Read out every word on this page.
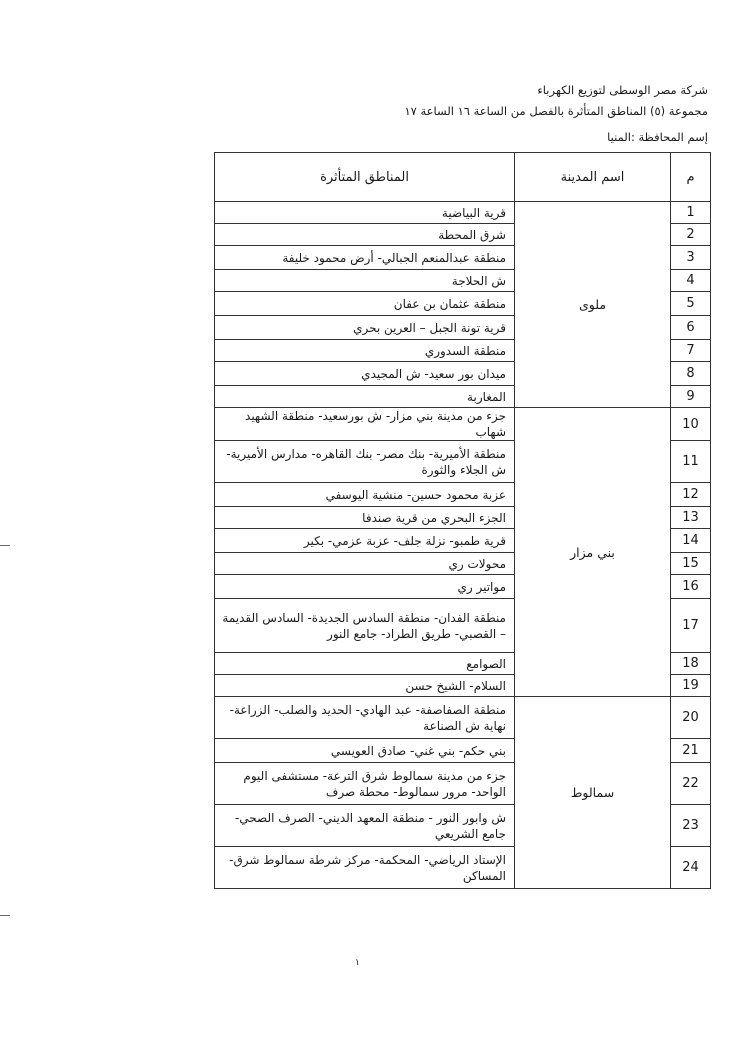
شركة مصر الوسطى لتوزيع الكهرباء
مجموعة (٥) المناطق المتأثرة بالفصل من الساعة ١٦ الساعة ١٧
إسم المحافظة :المنيا
م	اسم المدينة	المناطق المتأثرة
1	ملوى	قرية البياضية
2		شرق المحطة
3		منطقة عبدالمنعم الجبالي- أرض محمود خليفة
4		ش الحلاجة
5		منطقة عثمان بن عفان
6		قرية تونة الجبل – العرين بحري
7		منطقة السدوري
8		ميدان بور سعيد- ش المجيدي
9		المغاربة
10	بني مزار	جزء من مدينة بني مزار- ش بورسعيد- منطقة الشهيد شهاب
11		منطقة الأميرية- بنك مصر- بنك القاهره- مدارس الأميرية- ش الجلاء والثورة
12		عزبة محمود حسين- منشية اليوسفي
13		الجزء البحري من قرية صندفا
14		قرية طمبو- نزلة جلف- عزبة عزمي- بكير
15		محولات ري
16		مواتير ري
17		منطقة الفدان- منطقة السادس الجديدة- السادس القديمة – القصبي- طريق الطراد- جامع النور
18		الصوامع
19		السلام- الشيخ حسن
20	سمالوط	منطقة الصفاصفة- عبد الهادي- الحديد والصلب- الزراعة- نهاية ش الصناعة
21		بني حكم- بني غني- صادق العويسي
22		جزء من مدينة سمالوط شرق الترعة- مستشفى اليوم الواحد- مرور سمالوط- محطة صرف
23		ش وابور النور - منطقة المعهد الديني- الصرف الصحي- جامع الشريعي
24		الإستاد الرياضي- المحكمة- مركز شرطة سمالوط شرق- المساكن
١
